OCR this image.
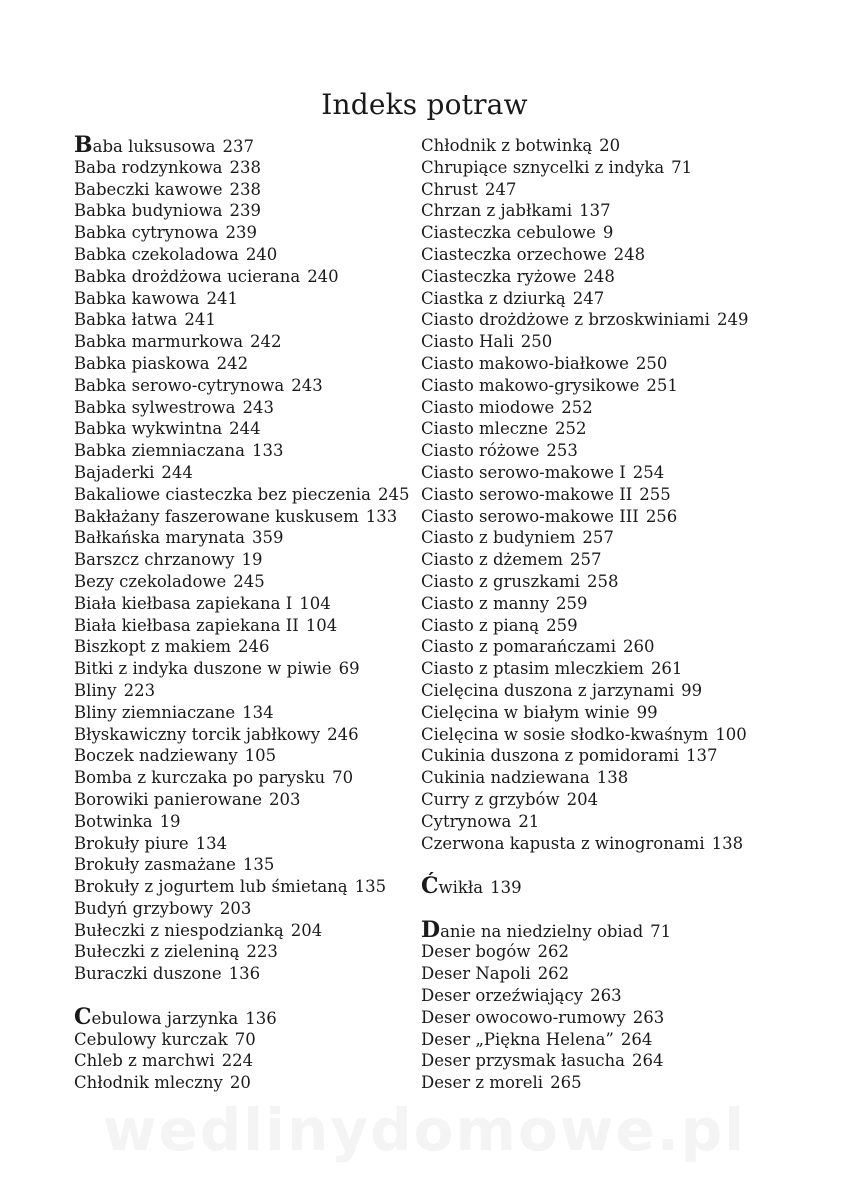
Indeks potraw
Baba luksusowa 237
Baba rodzynkowa 238
Babeczki kawowe 238
Babka budyniowa 239
Babka cytrynowa 239
Babka czekoladowa 240
Babka drożdżowa ucierana 240
Babka kawowa 241
Babka łatwa 241
Babka marmurkowa 242
Babka piaskowa 242
Babka serowo-cytrynowa 243
Babka sylwestrowa 243
Babka wykwintna 244
Babka ziemniaczana 133
Bajaderki 244
Bakaliowe ciasteczka bez pieczenia 245
Bakłażany faszerowane kuskusem 133
Bałkańska marynata 359
Barszcz chrzanowy 19
Bezy czekoladowe 245
Biała kiełbasa zapiekana I 104
Biała kiełbasa zapiekana II 104
Biszkopt z makiem 246
Bitki z indyka duszone w piwie 69
Bliny 223
Bliny ziemniaczane 134
Błyskawiczny torcik jabłkowy 246
Boczek nadziewany 105
Bomba z kurczaka po parysku 70
Borowiki panierowane 203
Botwinka 19
Brokuły piure 134
Brokuły zasmażane 135
Brokuły z jogurtem lub śmietaną 135
Budyń grzybowy 203
Bułeczki z niespodzianką 204
Bułeczki z zieleniną 223
Buraczki duszone 136
Cebulowa jarzynka 136
Cebulowy kurczak 70
Chleb z marchwi 224
Chłodnik mleczny 20
Chłodnik z botwinką 20
Chrupiące sznycelki z indyka 71
Chrust 247
Chrzan z jabłkami 137
Ciasteczka cebulowe 9
Ciasteczka orzechowe 248
Ciasteczka ryżowe 248
Ciastka z dziurką 247
Ciasto drożdżowe z brzoskwiniami 249
Ciasto Hali 250
Ciasto makowo-białkowe 250
Ciasto makowo-grysikowe 251
Ciasto miodowe 252
Ciasto mleczne 252
Ciasto różowe 253
Ciasto serowo-makowe I 254
Ciasto serowo-makowe II 255
Ciasto serowo-makowe III 256
Ciasto z budyniem 257
Ciasto z dżemem 257
Ciasto z gruszkami 258
Ciasto z manny 259
Ciasto z pianą 259
Ciasto z pomarańczami 260
Ciasto z ptasim mleczkiem 261
Cielęcina duszona z jarzynami 99
Cielęcina w białym winie 99
Cielęcina w sosie słodko-kwaśnym 100
Cukinia duszona z pomidorami 137
Cukinia nadziewana 138
Curry z grzybów 204
Cytrynowa 21
Czerwona kapusta z winogronami 138
Ćwikła 139
Danie na niedzielny obiad 71
Deser bogów 262
Deser Napoli 262
Deser orzeźwiający 263
Deser owocowo-rumowy 263
Deser „Piękna Helena” 264
Deser przysmak łasucha 264
Deser z moreli 265
wedlinydomowe.pl
